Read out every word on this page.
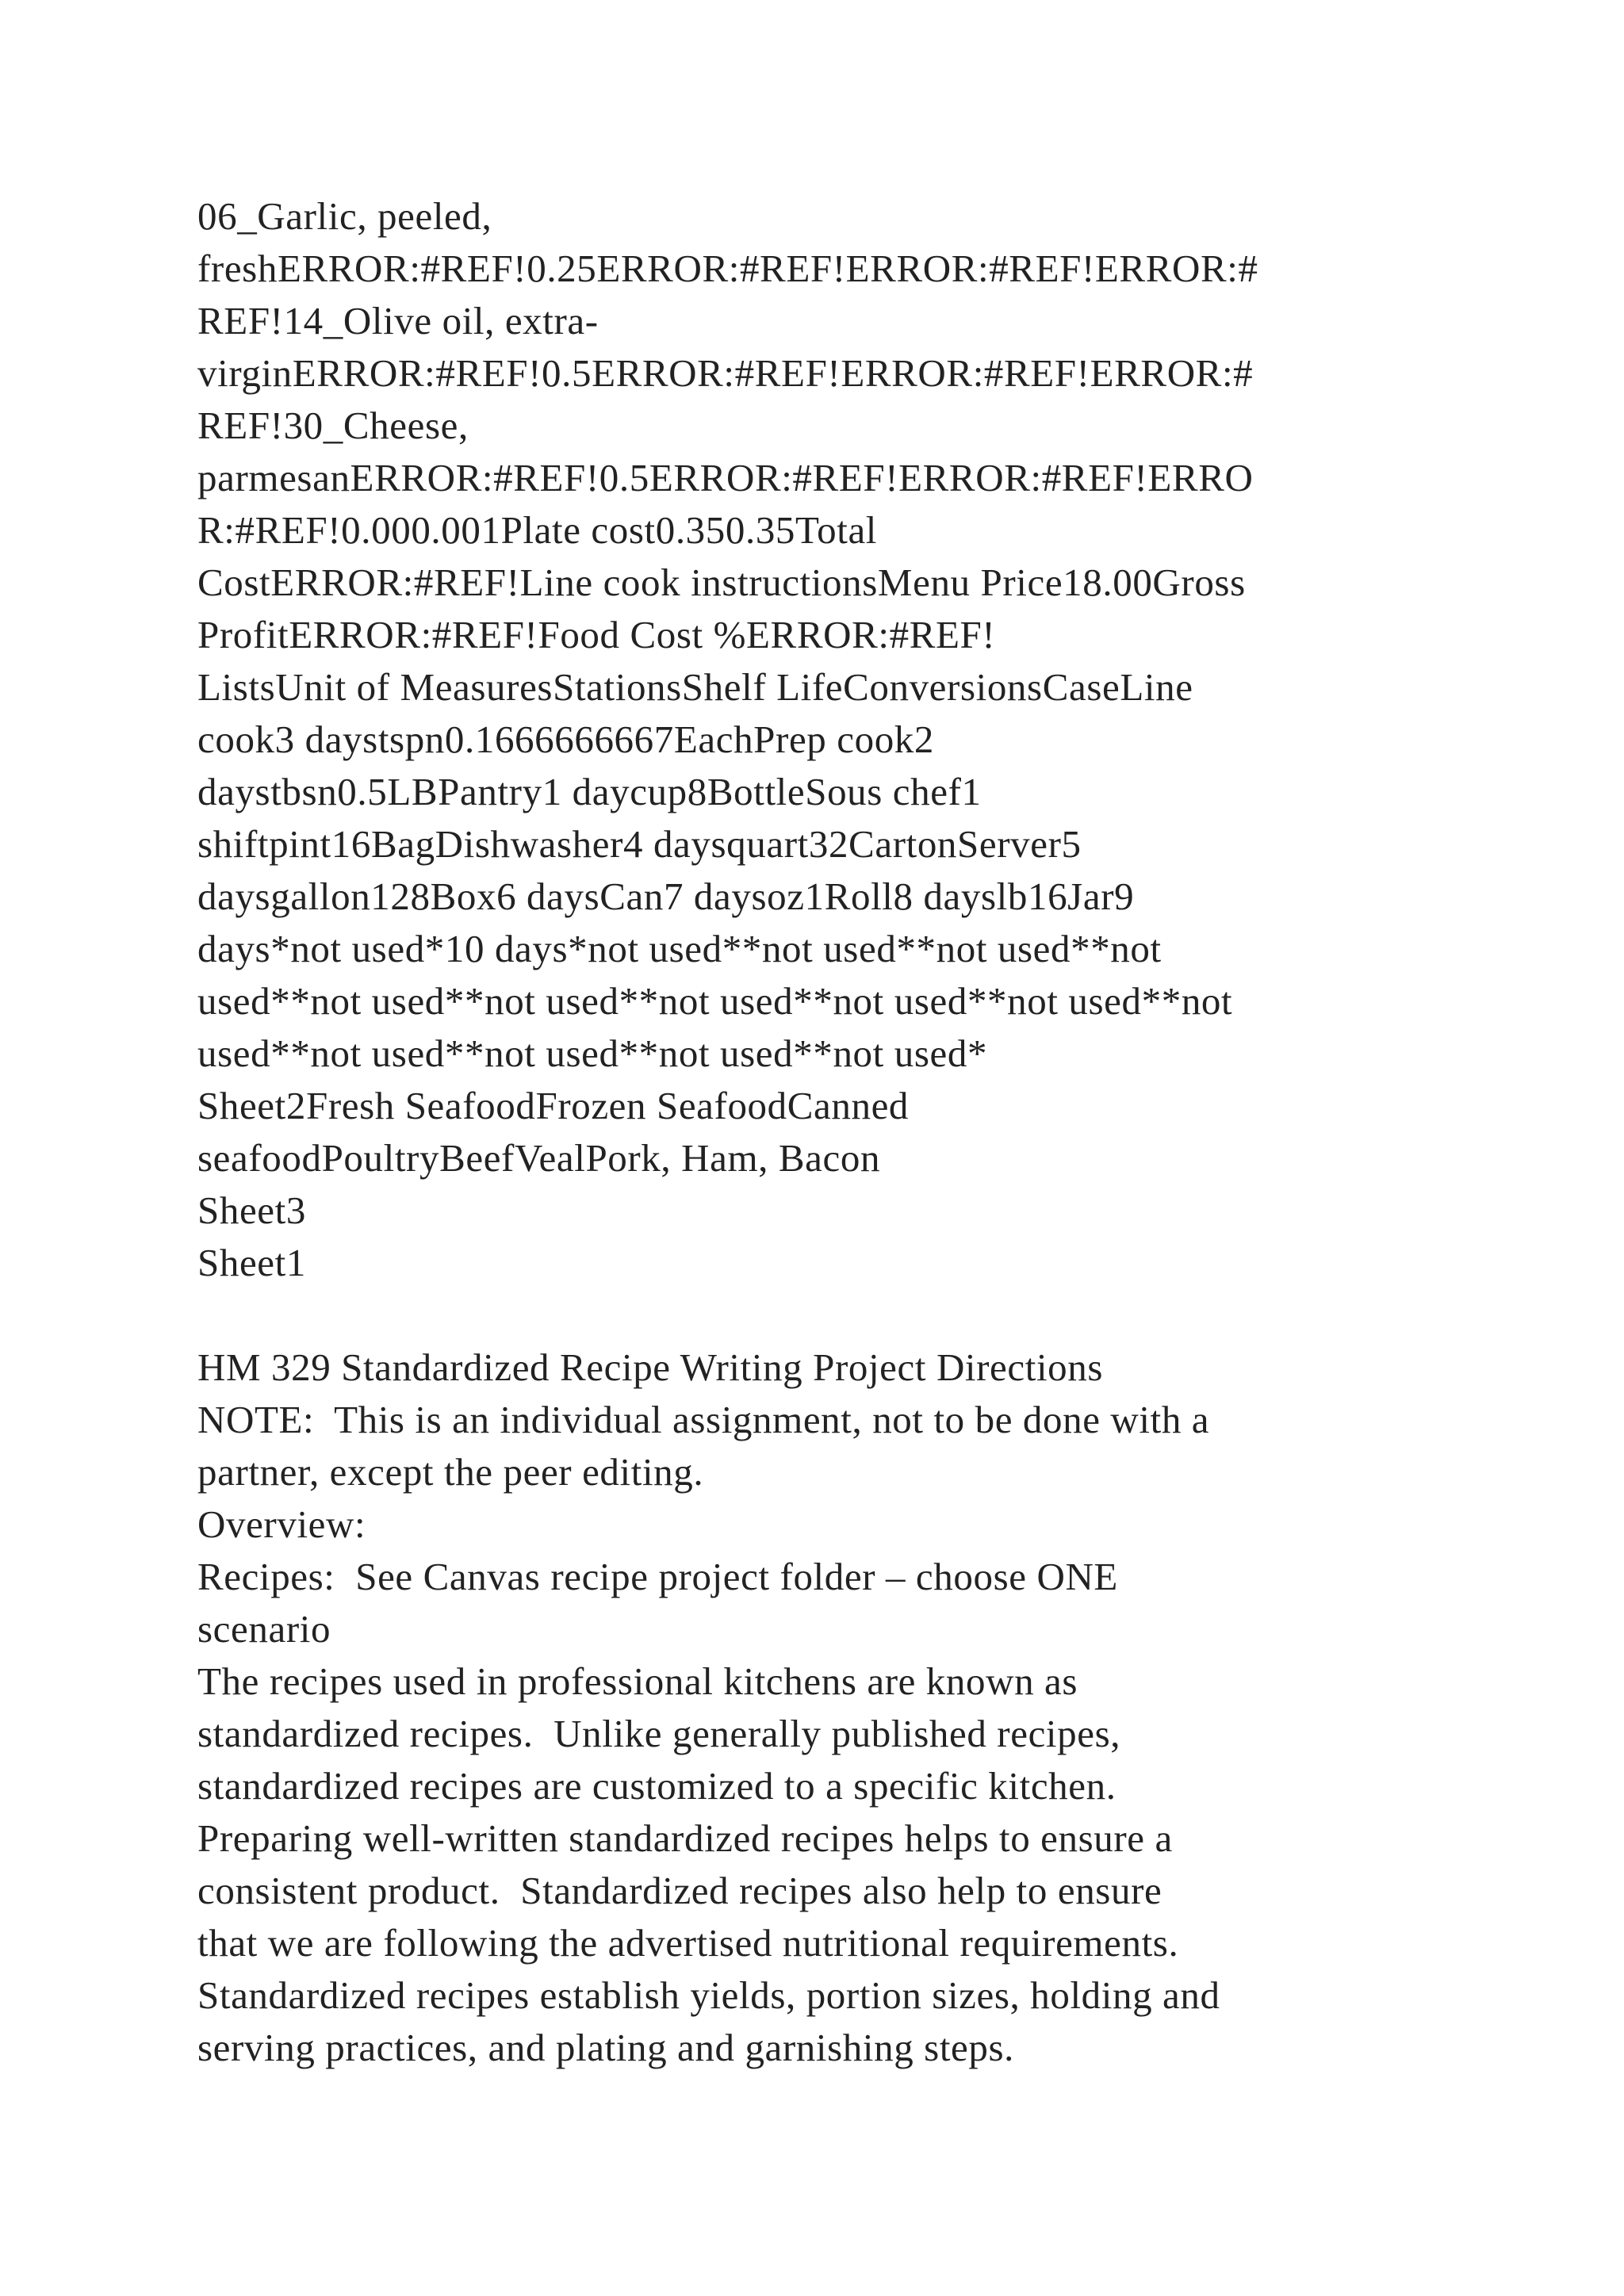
06_Garlic, peeled,
freshERROR:#REF!0.25ERROR:#REF!ERROR:#REF!ERROR:#
REF!14_Olive oil, extra-
virginERROR:#REF!0.5ERROR:#REF!ERROR:#REF!ERROR:#
REF!30_Cheese,
parmesanERROR:#REF!0.5ERROR:#REF!ERROR:#REF!ERRO
R:#REF!0.000.001Plate cost0.350.35Total
CostERROR:#REF!Line cook instructionsMenu Price18.00Gross
ProfitERROR:#REF!Food Cost %ERROR:#REF!
ListsUnit of MeasuresStationsShelf LifeConversionsCaseLine
cook3 daystspn0.1666666667EachPrep cook2
daystbsn0.5LBPantry1 daycup8BottleSous chef1
shiftpint16BagDishwasher4 daysquart32CartonServer5
daysgallon128Box6 daysCan7 daysoz1Roll8 dayslb16Jar9
days*not used*10 days*not used**not used**not used**not
used**not used**not used**not used**not used**not used**not
used**not used**not used**not used**not used*
Sheet2Fresh SeafoodFrozen SeafoodCanned
seafoodPoultryBeefVealPork, Ham, Bacon
Sheet3
Sheet1
HM 329 Standardized Recipe Writing Project Directions
NOTE:  This is an individual assignment, not to be done with a
partner, except the peer editing.
Overview:
Recipes:  See Canvas recipe project folder – choose ONE
scenario
The recipes used in professional kitchens are known as
standardized recipes.  Unlike generally published recipes,
standardized recipes are customized to a specific kitchen.
Preparing well-written standardized recipes helps to ensure a
consistent product.  Standardized recipes also help to ensure
that we are following the advertised nutritional requirements.
Standardized recipes establish yields, portion sizes, holding and
serving practices, and plating and garnishing steps.
